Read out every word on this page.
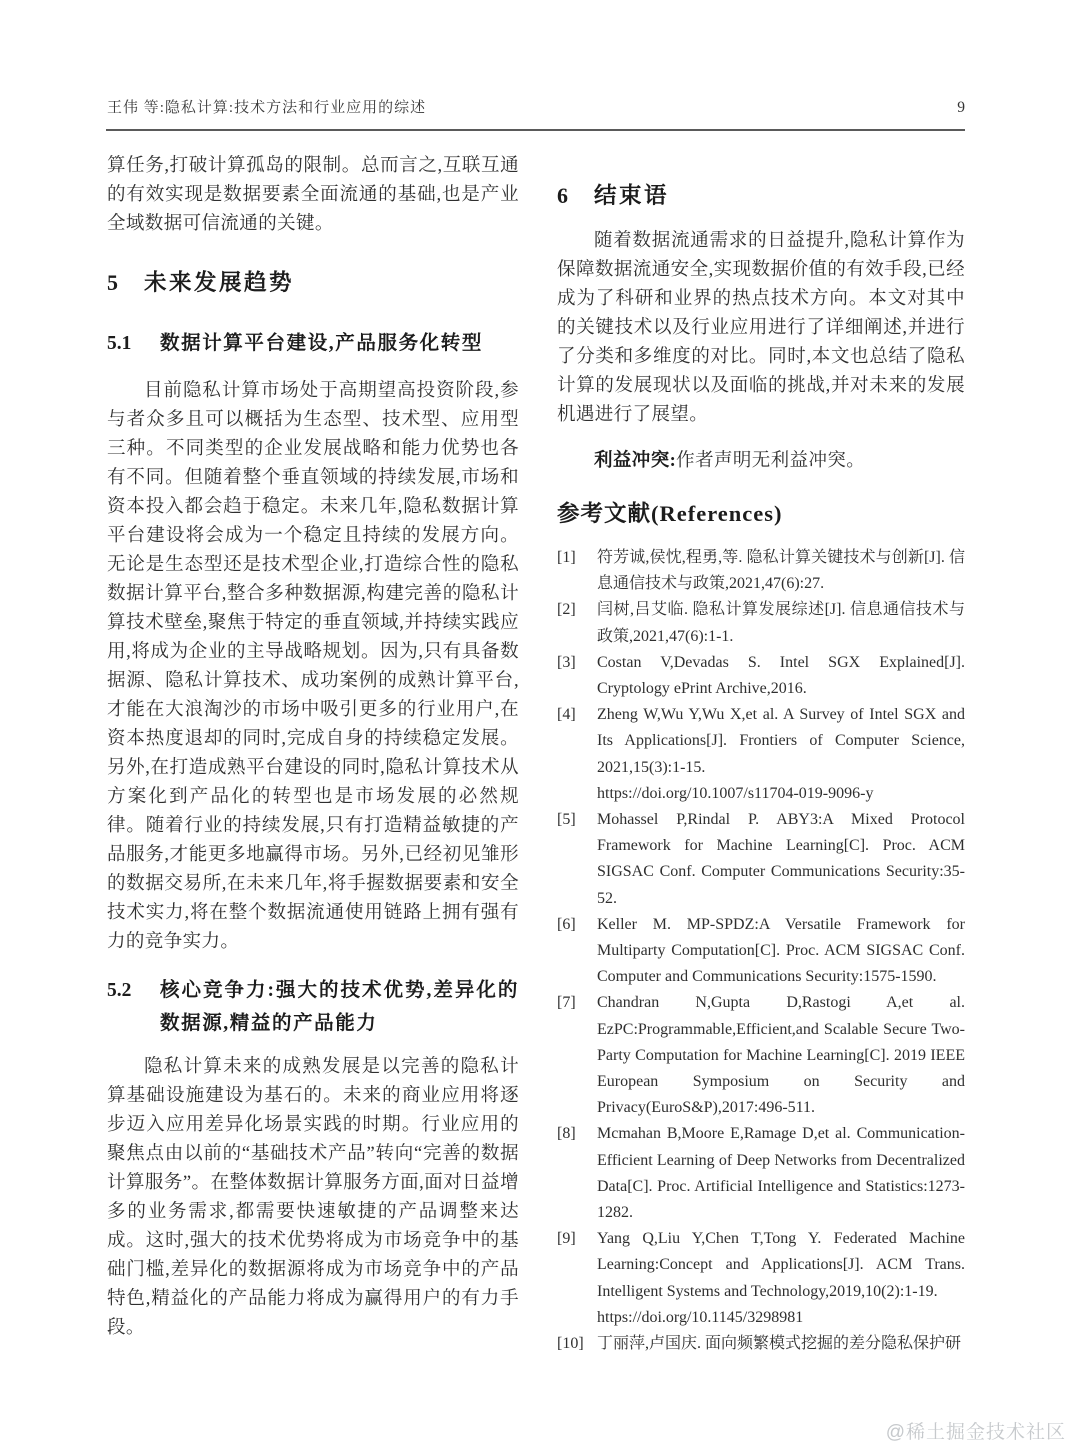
王伟 等:隐私计算:技术方法和行业应用的综述	9

算任务,打破计算孤岛的限制。总而言之,互联互通的有效实现是数据要素全面流通的基础,也是产业全域数据可信流通的关键。

5 未来发展趋势
5.1 数据计算平台建设,产品服务化转型

目前隐私计算市场处于高期望高投资阶段,参与者众多且可以概括为生态型、技术型、应用型三种。不同类型的企业发展战略和能力优势也各有不同。但随着整个垂直领域的持续发展,市场和资本投入都会趋于稳定。未来几年,隐私数据计算平台建设将会成为一个稳定且持续的发展方向。无论是生态型还是技术型企业,打造综合性的隐私数据计算平台,整合多种数据源,构建完善的隐私计算技术壁垒,聚焦于特定的垂直领域,并持续实践应用,将成为企业的主导战略规划。因为,只有具备数据源、隐私计算技术、成功案例的成熟计算平台,才能在大浪淘沙的市场中吸引更多的行业用户,在资本热度退却的同时,完成自身的持续稳定发展。另外,在打造成熟平台建设的同时,隐私计算技术从方案化到产品化的转型也是市场发展的必然规律。随着行业的持续发展,只有打造精益敏捷的产品服务,才能更多地赢得市场。另外,已经初见雏形的数据交易所,在未来几年,将手握数据要素和安全技术实力,将在整个数据流通使用链路上拥有强有力的竞争实力。

5.2 核心竞争力:强大的技术优势,差异化的数据源,精益的产品能力

隐私计算未来的成熟发展是以完善的隐私计算基础设施建设为基石的。未来的商业应用将逐步迈入应用差异化场景实践的时期。行业应用的聚焦点由以前的“基础技术产品”转向“完善的数据计算服务”。在整体数据计算服务方面,面对日益增多的业务需求,都需要快速敏捷的产品调整来达成。这时,强大的技术优势将成为市场竞争中的基础门槛,差异化的数据源将成为市场竞争中的产品特色,精益化的产品能力将成为赢得用户的有力手段。

6 结束语

随着数据流通需求的日益提升,隐私计算作为保障数据流通安全,实现数据价值的有效手段,已经成为了科研和业界的热点技术方向。本文对其中的关键技术以及行业应用进行了详细阐述,并进行了分类和多维度的对比。同时,本文也总结了隐私计算的发展现状以及面临的挑战,并对未来的发展机遇进行了展望。

利益冲突:作者声明无利益冲突。

参考文献(References)
[1] 符芳诚,侯忱,程勇,等. 隐私计算关键技术与创新[J]. 信息通信技术与政策,2021,47(6):27.
[2] 闫树,吕艾临. 隐私计算发展综述[J]. 信息通信技术与政策,2021,47(6):1-1.
[3] Costan V,Devadas S. Intel SGX Explained[J]. Cryptology ePrint Archive,2016.
[4] Zheng W,Wu Y,Wu X,et al. A Survey of Intel SGX and Its Applications[J]. Frontiers of Computer Science, 2021,15(3):1-15.
https://doi.org/10.1007/s11704-019-9096-y
[5] Mohassel P,Rindal P. ABY3:A Mixed Protocol Framework for Machine Learning[C]. Proc. ACM SIGSAC Conf. Computer Communications Security:35-52.
[6] Keller M. MP-SPDZ:A Versatile Framework for Multiparty Computation[C]. Proc. ACM SIGSAC Conf. Computer and Communications Security:1575-1590.
[7] Chandran N,Gupta D,Rastogi A,et al. EzPC:Programmable,Efficient,and Scalable Secure Two-Party Computation for Machine Learning[C]. 2019 IEEE European Symposium on Security and Privacy(EuroS&P),2017:496-511.
[8] Mcmahan B,Moore E,Ramage D,et al. Communication-Efficient Learning of Deep Networks from Decentralized Data[C]. Proc. Artificial Intelligence and Statistics:1273-1282.
[9] Yang Q,Liu Y,Chen T,Tong Y. Federated Machine Learning:Concept and Applications[J]. ACM Trans. Intelligent Systems and Technology,2019,10(2):1-19.
https://doi.org/10.1145/3298981
[10] 丁丽萍,卢国庆. 面向频繁模式挖掘的差分隐私保护研
@稀土掘金技术社区
